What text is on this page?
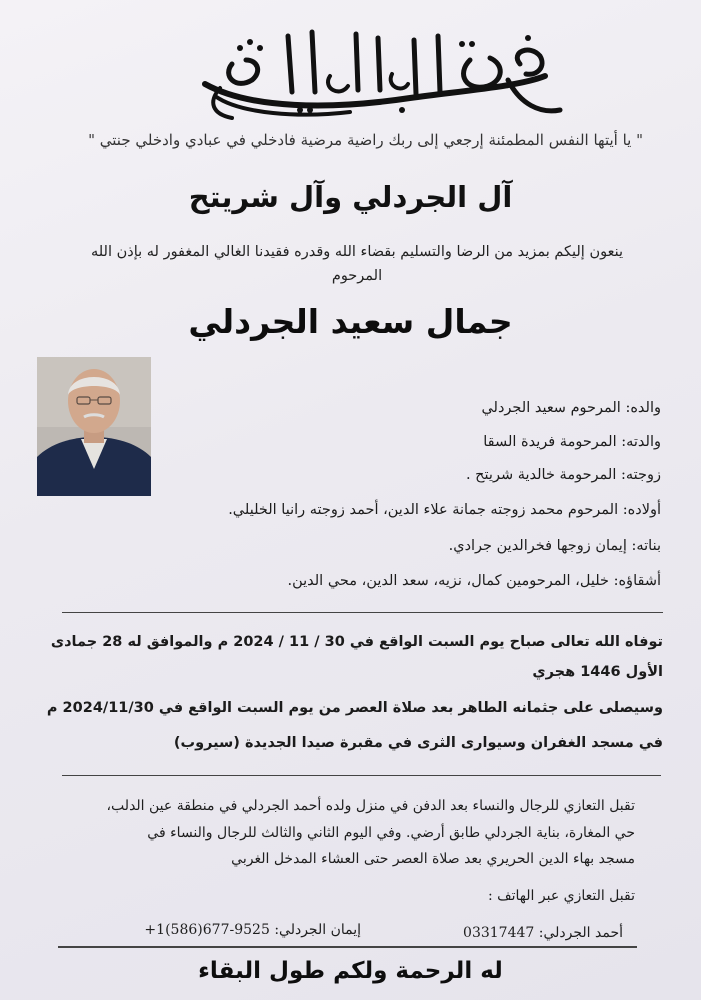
" يا أيتها النفس المطمئنة إرجعي إلى ربك راضية مرضية فادخلي في عبادي وادخلي جنتي "
آل الجردلي وآل شريتح
ينعون إليكم بمزيد من الرضا والتسليم بقضاء الله وقدره فقيدنا الغالي المغفور له بإذن الله
المرحوم
جمال سعيد الجردلي
والده: المرحوم سعيد الجردلي
والدته: المرحومة فريدة السقا
زوجته: المرحومة خالدية شريتح .
أولاده: المرحوم محمد زوجته جمانة علاء الدين، أحمد زوجته رانيا الخليلي.
بناته: إيمان زوجها فخرالدين جرادي.
أشقاؤه: خليل، المرحومين كمال، نزيه، سعد الدين، محي الدين.
توفاه الله تعالى صباح يوم السبت الواقع في 30 / 11 / 2024 م والموافق له 28 جمادى
الأول 1446 هجري
وسيصلى على جثمانه الطاهر بعد صلاة العصر من يوم السبت الواقع في 2024/11/30 م
في مسجد الغفران وسيوارى الثرى في مقبرة صيدا الجديدة (سيروب)
تقبل التعازي للرجال والنساء بعد الدفن في منزل ولده أحمد الجردلي في منطقة عين الدلب،
حي المغارة، بناية الجردلي طابق أرضي. وفي اليوم الثاني والثالث للرجال والنساء في
مسجد بهاء الدين الحريري بعد صلاة العصر حتى العشاء المدخل الغربي
تقبل التعازي عبر الهاتف :
أحمد الجردلي: 03317447
إيمان الجردلي: 9525-677(586)1+
له الرحمة ولكم طول البقاء
